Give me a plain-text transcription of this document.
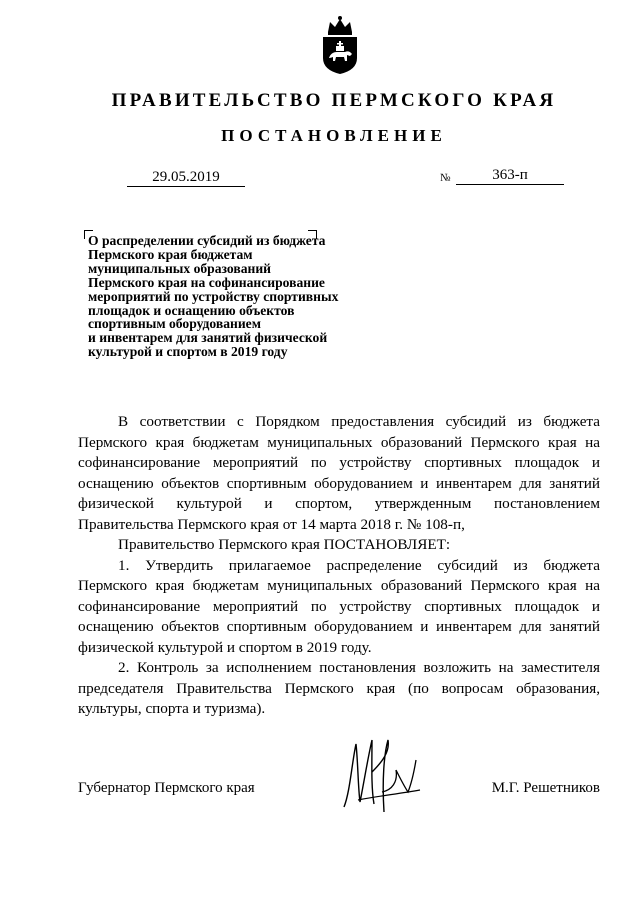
ПРАВИТЕЛЬСТВО ПЕРМСКОГО КРАЯ
ПОСТАНОВЛЕНИЕ
29.05.2019	№	363-п
О распределении субсидий из бюджета
Пермского края бюджетам
муниципальных образований
Пермского края на софинансирование
мероприятий по устройству спортивных
площадок и оснащению объектов
спортивным оборудованием
и инвентарем для занятий физической
культурой и спортом в 2019 году

В соответствии с Порядком предоставления субсидий из бюджета Пермского края бюджетам муниципальных образований Пермского края на софинансирование мероприятий по устройству спортивных площадок и оснащению объектов спортивным оборудованием и инвентарем для занятий физической культурой и спортом, утвержденным постановлением Правительства Пермского края от 14 марта 2018 г. № 108-п,

Правительство Пермского края ПОСТАНОВЛЯЕТ:

1. Утвердить прилагаемое распределение субсидий из бюджета Пермского края бюджетам муниципальных образований Пермского края на софинансирование мероприятий по устройству спортивных площадок и оснащению объектов спортивным оборудованием и инвентарем для занятий физической культурой и спортом в 2019 году.

2. Контроль за исполнением постановления возложить на заместителя председателя Правительства Пермского края (по вопросам образования, культуры, спорта и туризма).

Губернатор Пермского края	М.Г. Решетников
